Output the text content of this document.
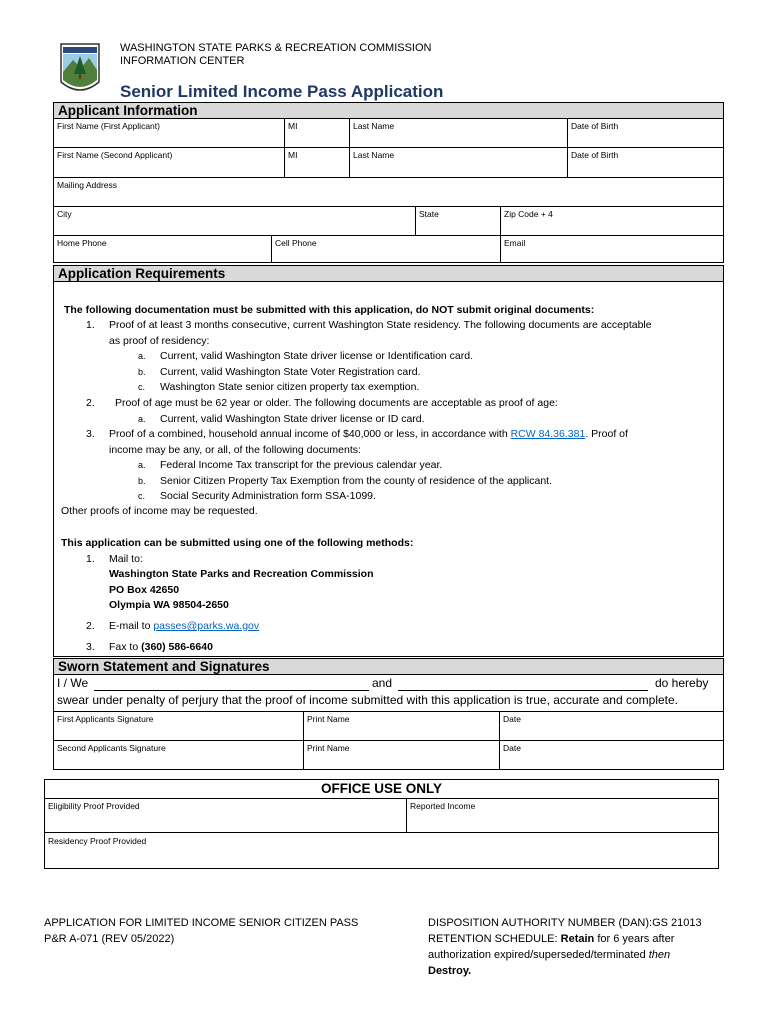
WASHINGTON STATE PARKS & RECREATION COMMISSION
INFORMATION CENTER
Senior Limited Income Pass Application
Applicant Information
First Name (First Applicant)	MI	Last Name	Date of Birth
First Name (Second Applicant)	MI	Last Name	Date of Birth
Mailing Address
City	State	Zip Code + 4
Home Phone	Cell Phone	Email
Application Requirements
The following documentation must be submitted with this application, do NOT submit original documents:
1. Proof of at least 3 months consecutive, current Washington State residency. The following documents are acceptable
as proof of residency:
a. Current, valid Washington State driver license or Identification card.
b. Current, valid Washington State Voter Registration card.
c. Washington State senior citizen property tax exemption.
2. Proof of age must be 62 year or older. The following documents are acceptable as proof of age:
a. Current, valid Washington State driver license or ID card.
3. Proof of a combined, household annual income of $40,000 or less, in accordance with RCW 84.36.381. Proof of
income may be any, or all, of the following documents:
a. Federal Income Tax transcript for the previous calendar year.
b. Senior Citizen Property Tax Exemption from the county of residence of the applicant.
c. Social Security Administration form SSA-1099.
Other proofs of income may be requested.
This application can be submitted using one of the following methods:
1. Mail to:
Washington State Parks and Recreation Commission
PO Box 42650
Olympia WA 98504-2650
2. E-mail to passes@parks.wa.gov
3. Fax to (360) 586-6640
Sworn Statement and Signatures
I / We	and	do hereby
swear under penalty of perjury that the proof of income submitted with this application is true, accurate and complete.
First Applicants Signature	Print Name	Date
Second Applicants Signature	Print Name	Date
OFFICE USE ONLY
Eligibility Proof Provided	Reported Income
Residency Proof Provided
APPLICATION FOR LIMITED INCOME SENIOR CITIZEN PASS
P&R A-071 (REV 05/2022)
DISPOSITION AUTHORITY NUMBER (DAN):GS 21013
RETENTION SCHEDULE: Retain for 6 years after
authorization expired/superseded/terminated then
Destroy.
